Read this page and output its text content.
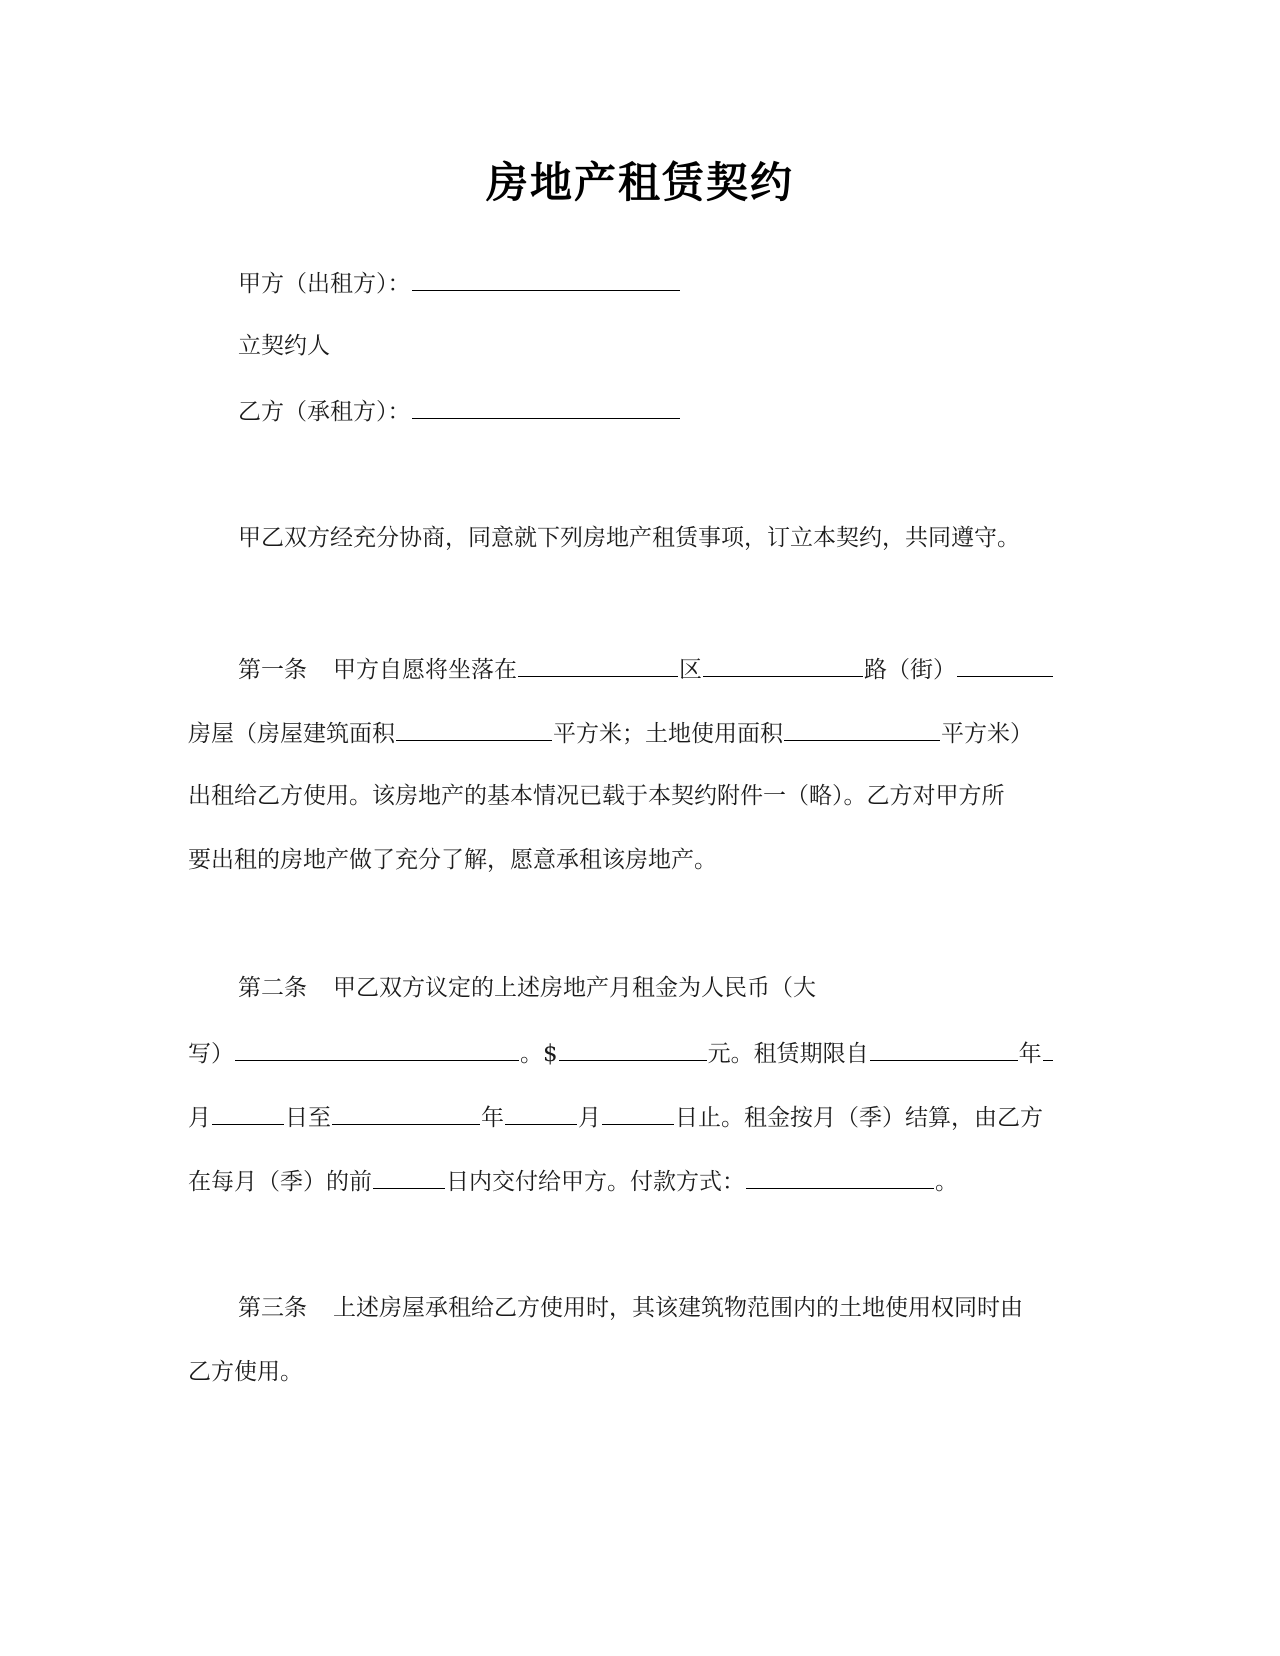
房地产租赁契约
甲方（出租方）：
立契约人
乙方（承租方）：
甲乙双方经充分协商，同意就下列房地产租赁事项，订立本契约，共同遵守。
第一条 甲方自愿将坐落在	区	路（街）
房屋（房屋建筑面积	平方米；土地使用面积	平方米）
出租给乙方使用。该房地产的基本情况已载于本契约附件一（略）。乙方对甲方所
要出租的房地产做了充分了解，愿意承租该房地产。
第二条 甲乙双方议定的上述房地产月租金为人民币（大
写）	。$	元。租赁期限自	年
月	日至	年	月	日止。租金按月（季）结算，由乙方
在每月（季）的前	日内交付给甲方。付款方式：	。
第三条 上述房屋承租给乙方使用时，其该建筑物范围内的土地使用权同时由
乙方使用。
